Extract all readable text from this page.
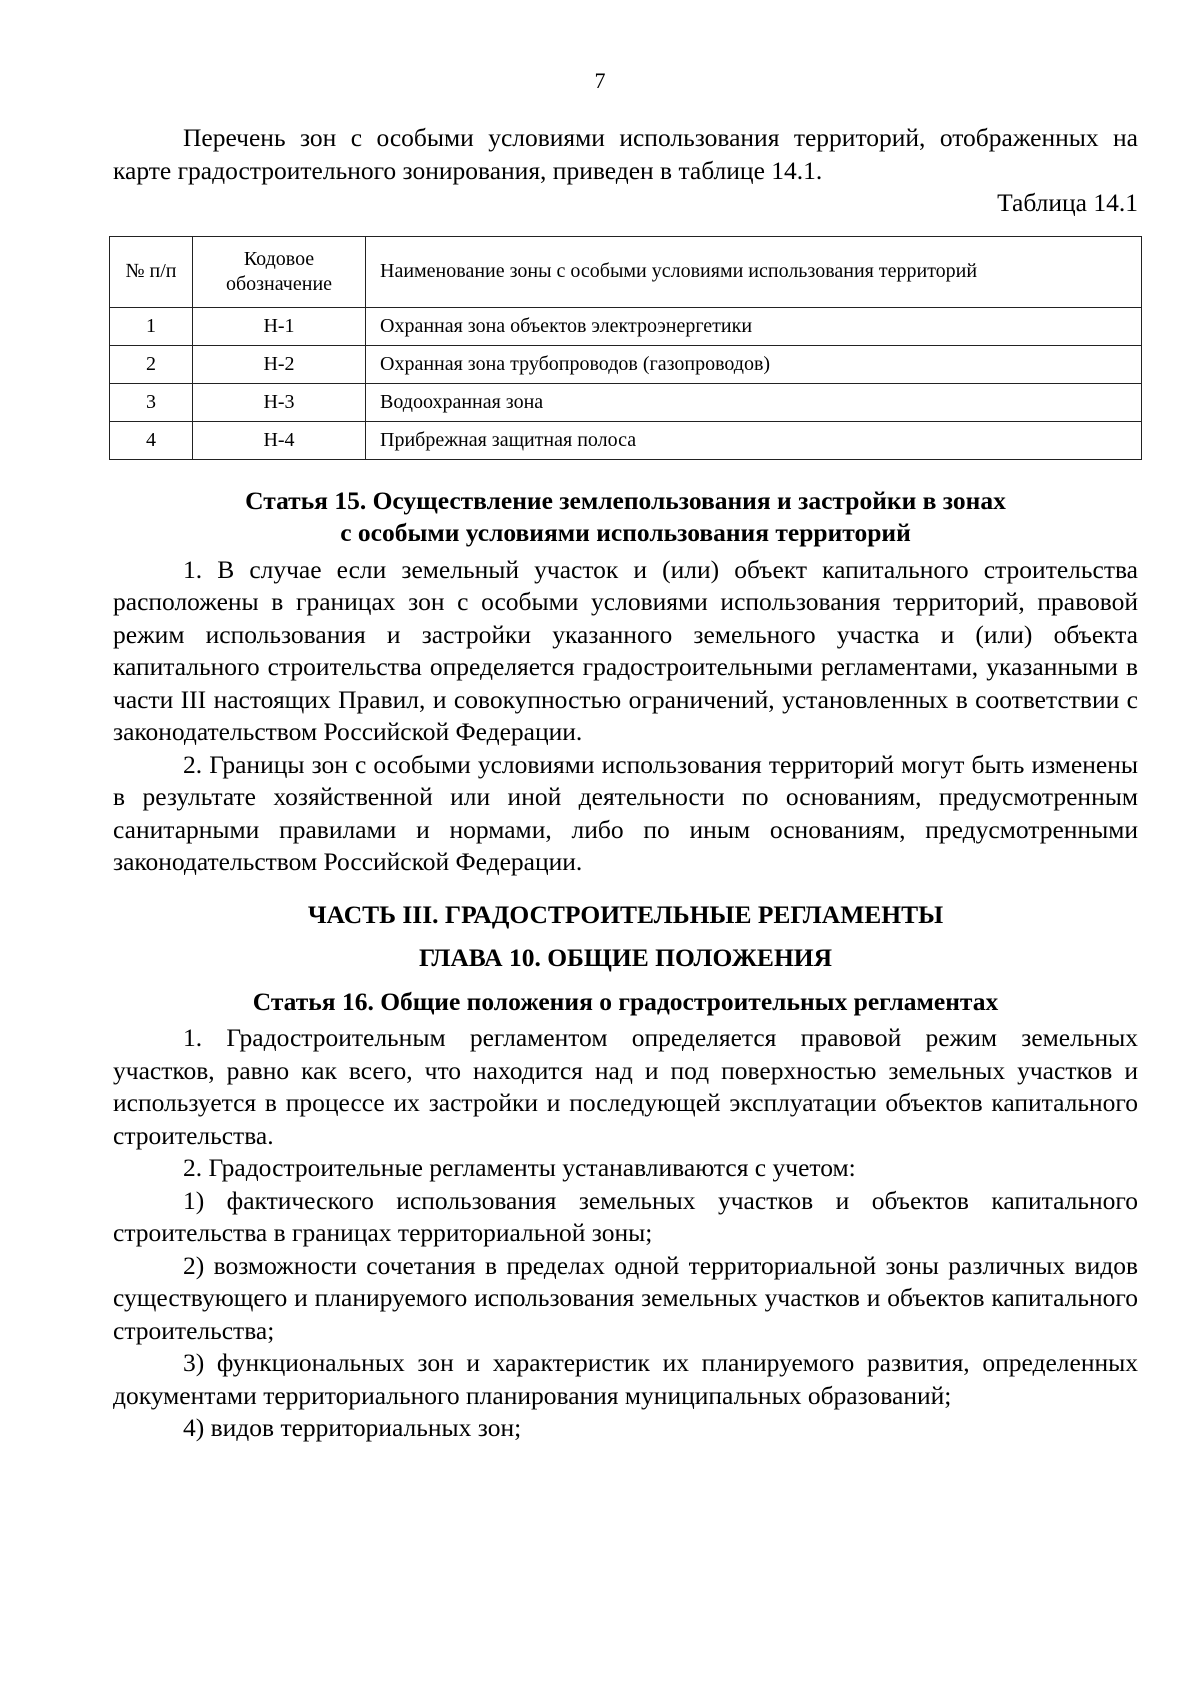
7

Перечень зон с особыми условиями использования территорий, отображенных на карте градостроительного зонирования, приведен в таблице 14.1.

Таблица 14.1
№ п/п	Кодовое обозначение	Наименование зоны с особыми условиями использования территорий
1	Н-1	Охранная зона объектов электроэнергетики
2	Н-2	Охранная зона трубопроводов (газопроводов)
3	Н-3	Водоохранная зона
4	Н-4	Прибрежная защитная полоса
Статья 15. Осуществление землепользования и застройки в зонах
с особыми условиями использования территорий

1. В случае если земельный участок и (или) объект капитального строительства расположены в границах зон с особыми условиями использования территорий, правовой режим использования и застройки указанного земельного участка и (или) объекта капитального строительства определяется градостроительными регламентами, указанными в части III настоящих Правил, и совокупностью ограничений, установленных в соответствии с законодательством Российской Федерации.

2. Границы зон с особыми условиями использования территорий могут быть изменены в результате хозяйственной или иной деятельности по основаниям, предусмотренным санитарными правилами и нормами, либо по иным основаниям, предусмотренными законодательством Российской Федерации.

ЧАСТЬ III. ГРАДОСТРОИТЕЛЬНЫЕ РЕГЛАМЕНТЫ
ГЛАВА 10. ОБЩИЕ ПОЛОЖЕНИЯ
Статья 16. Общие положения о градостроительных регламентах

1. Градостроительным регламентом определяется правовой режим земельных участков, равно как всего, что находится над и под поверхностью земельных участков и используется в процессе их застройки и последующей эксплуатации объектов капитального строительства.

2. Градостроительные регламенты устанавливаются с учетом:

1) фактического использования земельных участков и объектов капитального строительства в границах территориальной зоны;

2) возможности сочетания в пределах одной территориальной зоны различных видов существующего и планируемого использования земельных участков и объектов капитального строительства;

3) функциональных зон и характеристик их планируемого развития, определенных документами территориального планирования муниципальных образований;

4) видов территориальных зон;
